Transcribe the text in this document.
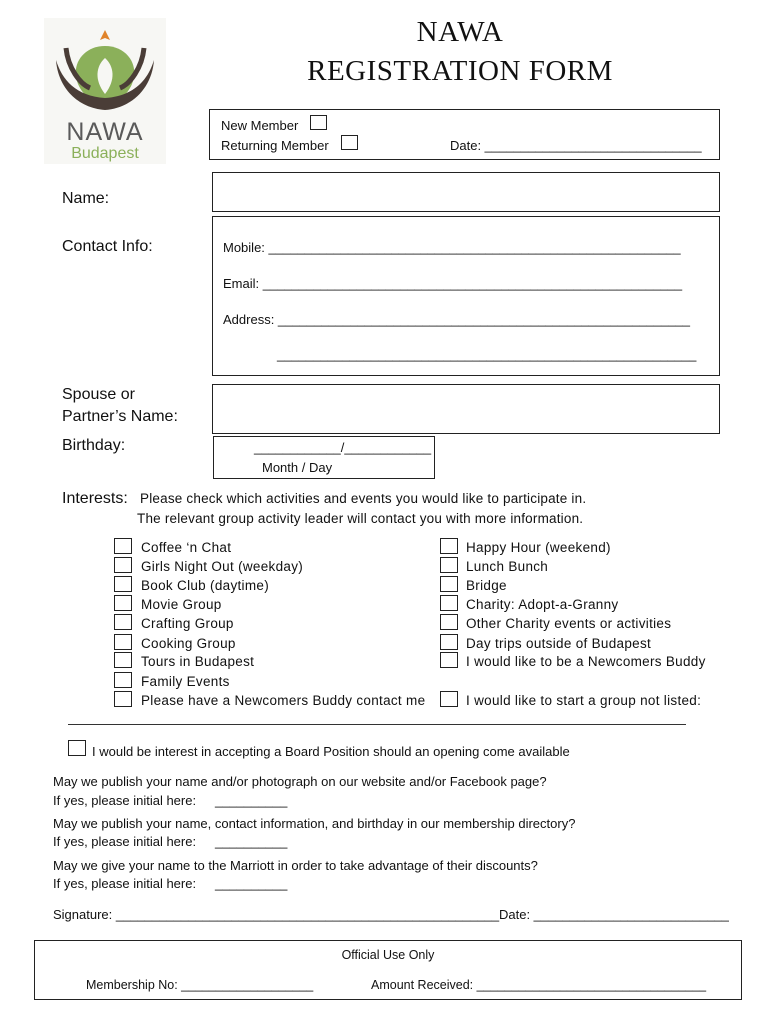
NAWA
Budapest
NAWA
REGISTRATION FORM
New Member
Returning Member	Date: ______________________________
Name:
Contact Info:	Mobile: _________________________________________________________
Email: __________________________________________________________
Address: _________________________________________________________
__________________________________________________________
Spouse or
Partner’s Name:
Birthday:	____________/____________
Month / Day
Interests: Please check which activities and events you would like to participate in.
The relevant group activity leader will contact you with more information.
Coffee ‘n Chat
Girls Night Out (weekday)
Book Club (daytime)
Movie Group
Crafting Group
Cooking Group
Tours in Budapest
Family Events
Please have a Newcomers Buddy contact me
Happy Hour (weekend)
Lunch Bunch
Bridge
Charity: Adopt-a-Granny
Other Charity events or activities
Day trips outside of Budapest
I would like to be a Newcomers Buddy
I would like to start a group not listed:
I would be interest in accepting a Board Position should an opening come available
May we publish your name and/or photograph on our website and/or Facebook page?
If yes, please initial here: __________
May we publish your name, contact information, and birthday in our membership directory?
If yes, please initial here: __________
May we give your name to the Marriott in order to take advantage of their discounts?
If yes, please initial here: __________
Signature: _____________________________________________________ Date: ___________________________
Official Use Only
Membership No: ___________________	Amount Received: _________________________________
